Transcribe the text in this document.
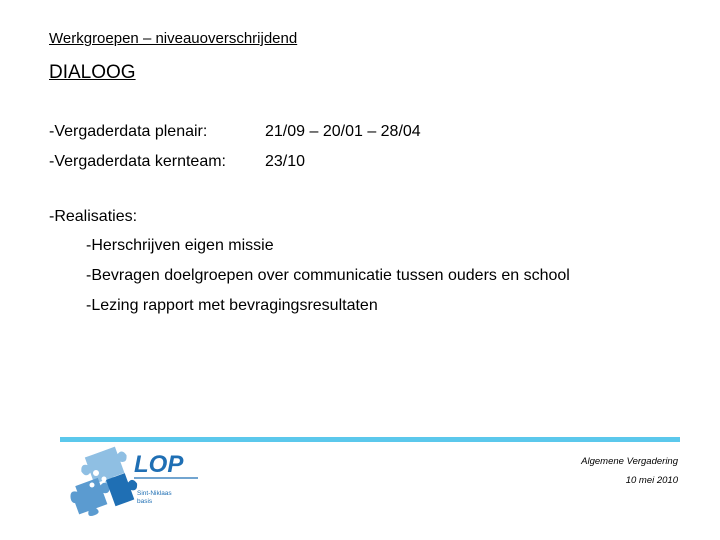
Werkgroepen – niveauoverschrijdend
DIALOOG
-Vergaderdata plenair:	21/09 – 20/01 – 28/04
-Vergaderdata kernteam: 23/10
-Realisaties:
-Herschrijven eigen missie
-Bevragen doelgroepen over communicatie tussen ouders en school
-Lezing rapport met bevragingsresultaten
LOP
Sint-Niklaas
basis
Algemene Vergadering
10 mei 2010
